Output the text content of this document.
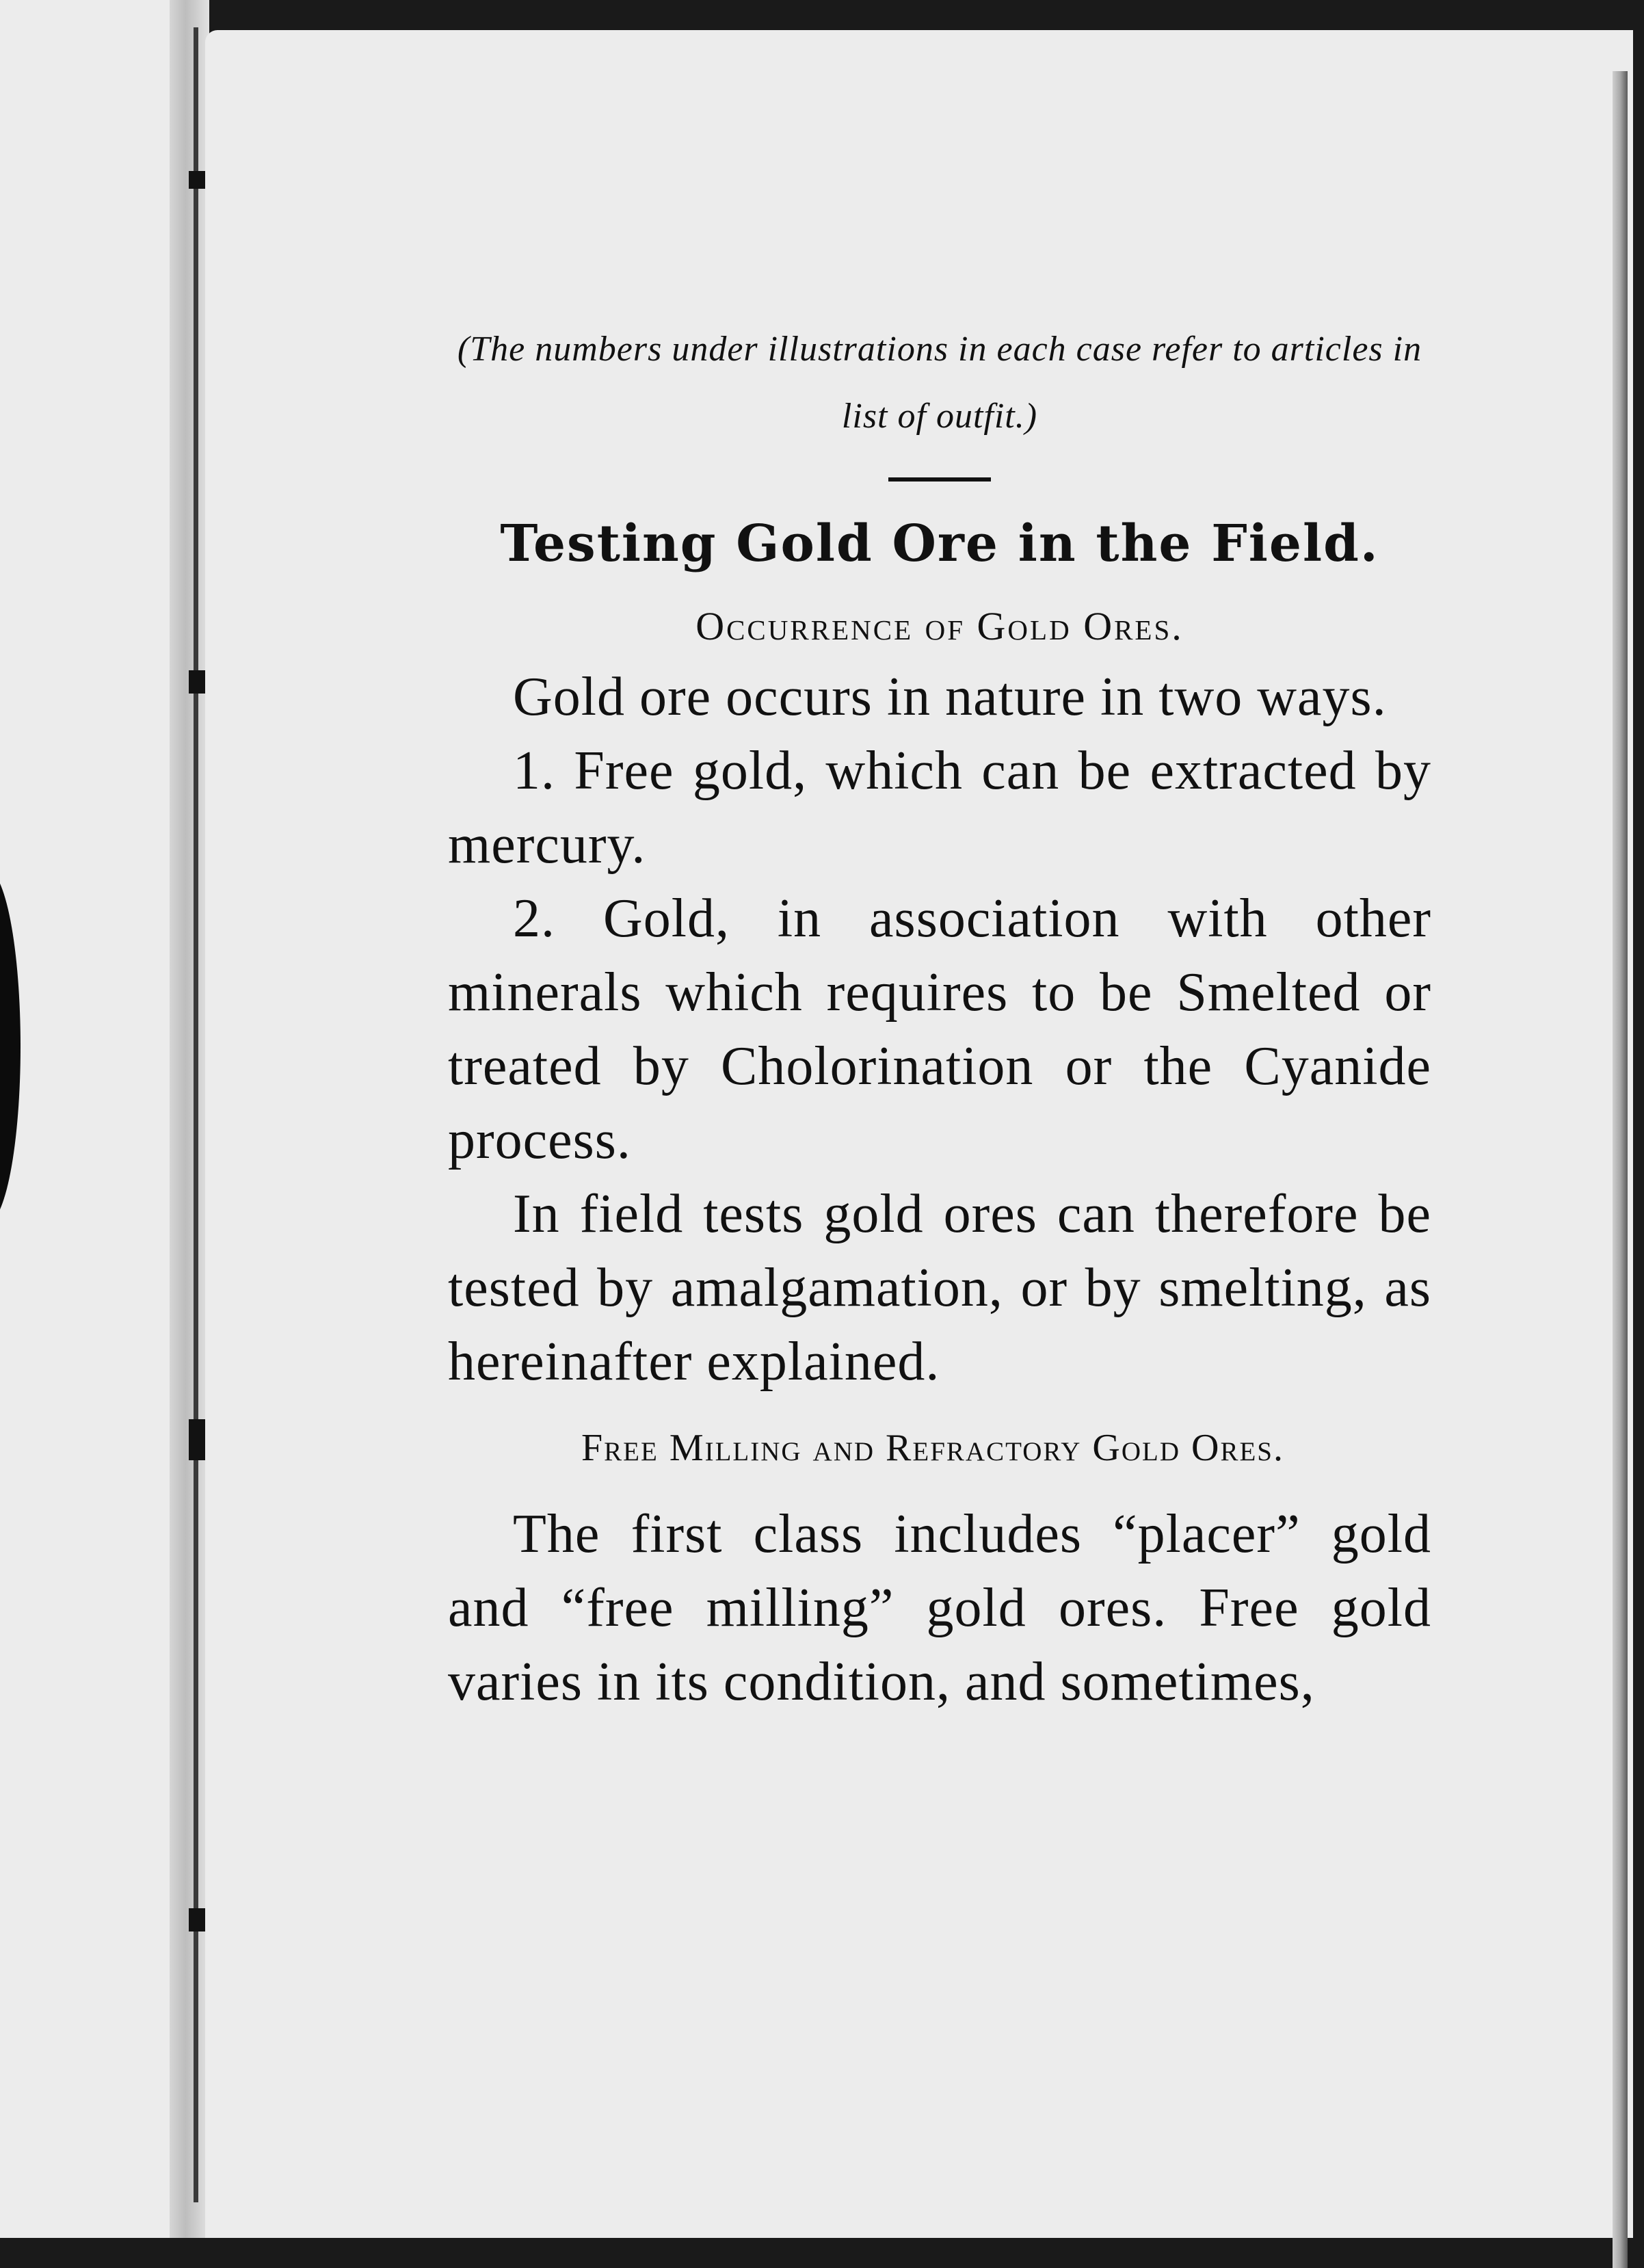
(The numbers under illustrations in each case refer to articles in list of outfit.)

Testing Gold Ore in the Field.
Occurrence of Gold Ores.

Gold ore occurs in nature in two ways.

1. Free gold, which can be extracted by mercury.

2. Gold, in association with other minerals which requires to be Smelted or treated by Cholorination or the Cyanide process.

In field tests gold ores can therefore be tested by amalgamation, or by smelting, as hereinafter explained.

Free Milling and Refractory Gold Ores.

The first class includes “placer” gold and “free milling” gold ores. Free gold varies in its condition, and sometimes,
